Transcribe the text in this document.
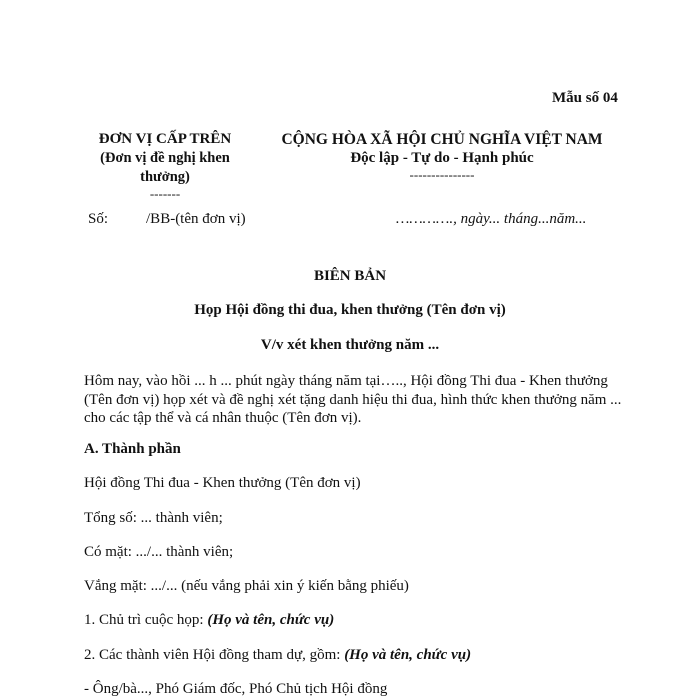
Mẫu số 04
ĐƠN VỊ CẤP TRÊN
(Đơn vị đề nghị khen thưởng)
-------
CỘNG HÒA XÃ HỘI CHỦ NGHĨA VIỆT NAM
Độc lập - Tự do - Hạnh phúc
---------------
Số:	/BB-(tên đơn vị)	…………., ngày... tháng...năm...
BIÊN BẢN
Họp Hội đồng thi đua, khen thưởng (Tên đơn vị)
V/v xét khen thưởng năm ...
Hôm nay, vào hồi ... h ... phút ngày tháng năm tại….., Hội đồng Thi đua - Khen thưởng (Tên đơn vị) họp xét và đề nghị xét tặng danh hiệu thi đua, hình thức khen thưởng năm ... cho các tập thể và cá nhân thuộc (Tên đơn vị).
A. Thành phần
Hội đồng Thi đua - Khen thưởng (Tên đơn vị)
Tổng số: ... thành viên;
Có mặt: .../... thành viên;
Vắng mặt: .../... (nếu vắng phải xin ý kiến bằng phiếu)
1. Chủ trì cuộc họp: (Họ và tên, chức vụ)
2. Các thành viên Hội đồng tham dự, gồm: (Họ và tên, chức vụ)
- Ông/bà..., Phó Giám đốc, Phó Chủ tịch Hội đồng
